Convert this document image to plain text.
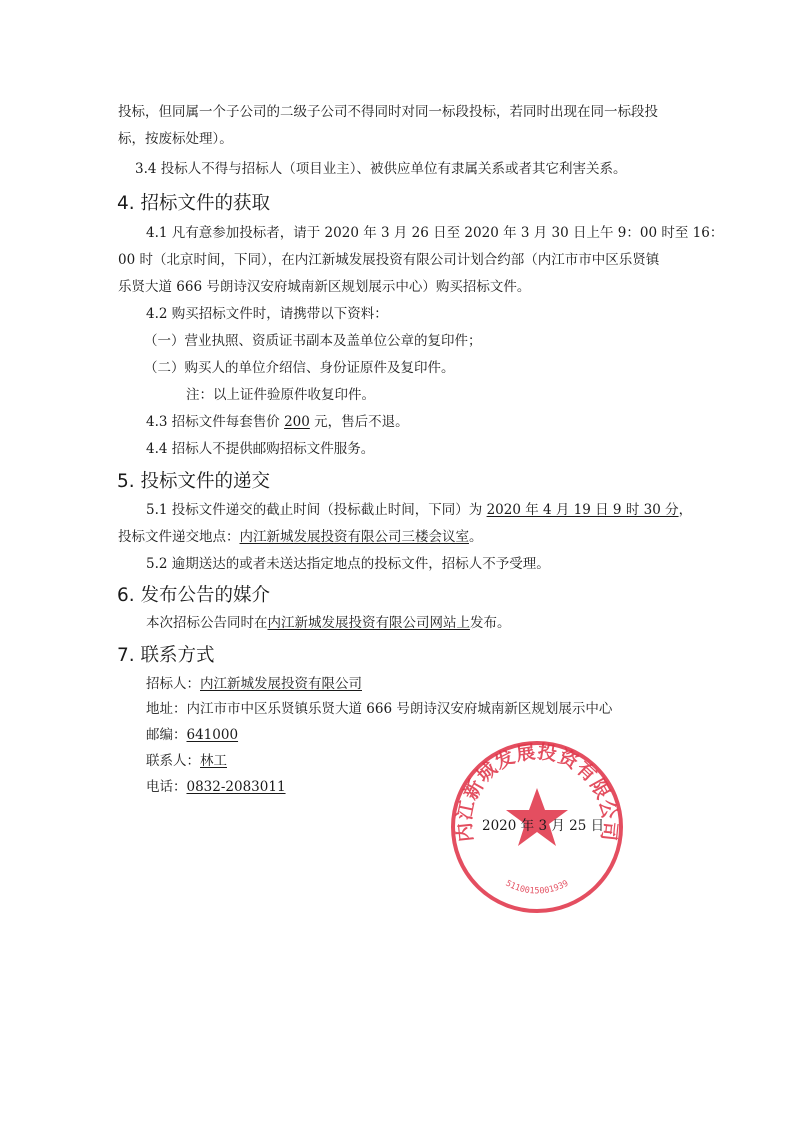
投标，但同属一个子公司的二级子公司不得同时对同一标段投标，若同时出现在同一标段投
标，按废标处理）。
3.4 投标人不得与招标人（项目业主）、被供应单位有隶属关系或者其它利害关系。
4. 招标文件的获取
4.1 凡有意参加投标者，请于 2020 年 3 月 26 日至 2020 年 3 月 30 日上午 9：00 时至 16：
00 时（北京时间，下同），在内江新城发展投资有限公司计划合约部（内江市市中区乐贤镇
乐贤大道 666 号朗诗汉安府城南新区规划展示中心）购买招标文件。
4.2 购买招标文件时，请携带以下资料：
（一）营业执照、资质证书副本及盖单位公章的复印件；
（二）购买人的单位介绍信、身份证原件及复印件。
注：以上证件验原件收复印件。
4.3 招标文件每套售价 200 元，售后不退。
4.4 招标人不提供邮购招标文件服务。
5. 投标文件的递交
5.1 投标文件递交的截止时间（投标截止时间，下同）为 2020 年 4 月 19 日 9 时 30 分，
投标文件递交地点：内江新城发展投资有限公司三楼会议室。
5.2 逾期送达的或者未送达指定地点的投标文件，招标人不予受理。
6. 发布公告的媒介
本次招标公告同时在内江新城发展投资有限公司网站上发布。
7. 联系方式
招标人：内江新城发展投资有限公司
地址：内江市市中区乐贤镇乐贤大道 666 号朗诗汉安府城南新区规划展示中心
邮编：641000
联系人：林工
电话：0832-2083011
内江新城发展投资有限公司
5110015001939
2020 年 3 月 25 日
